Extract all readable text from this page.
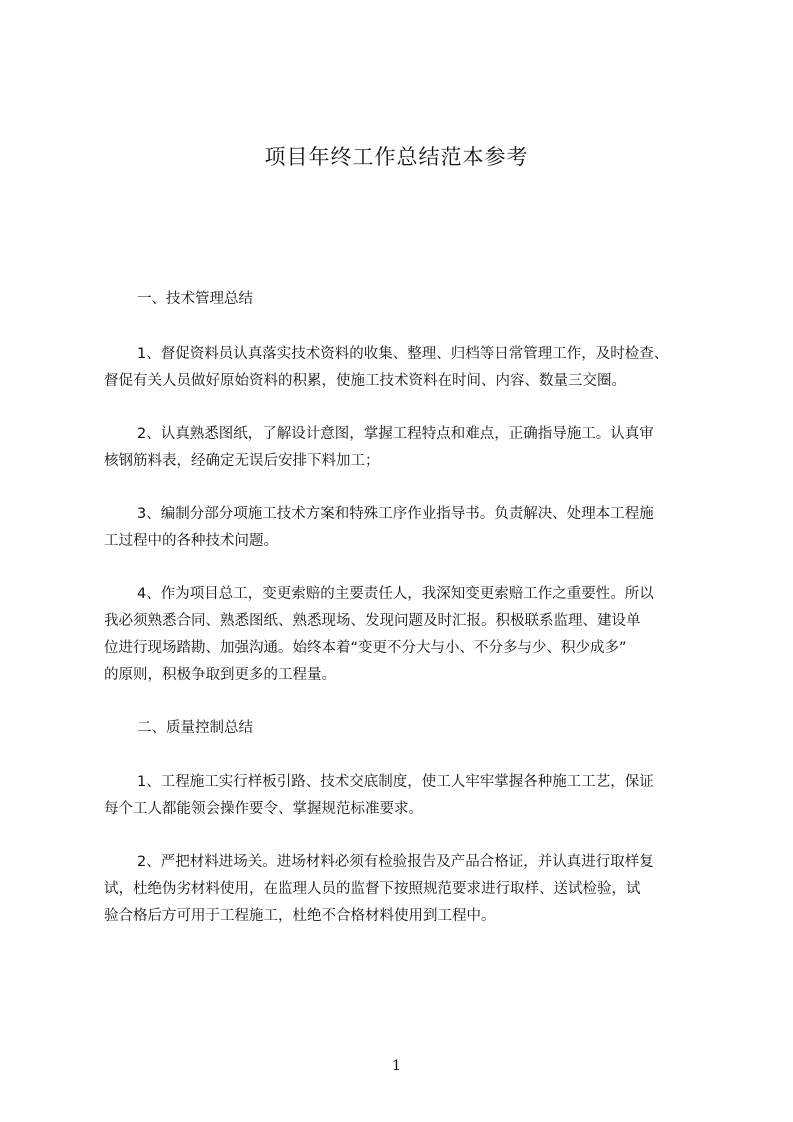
项目年终工作总结范本参考

一、技术管理总结

1、督促资料员认真落实技术资料的收集、整理、归档等日常管理工作，及时检查、

督促有关人员做好原始资料的积累，使施工技术资料在时间、内容、数量三交圈。

2、认真熟悉图纸，了解设计意图，掌握工程特点和难点，正确指导施工。认真审

核钢筋料表，经确定无误后安排下料加工；

3、编制分部分项施工技术方案和特殊工序作业指导书。负责解决、处理本工程施

工过程中的各种技术问题。

4、作为项目总工，变更索赔的主要责任人，我深知变更索赔工作之重要性。所以

我必须熟悉合同、熟悉图纸、熟悉现场、发现问题及时汇报。积极联系监理、建设单

位进行现场踏勘、加强沟通。始终本着“变更不分大与小、不分多与少、积少成多”

的原则，积极争取到更多的工程量。

二、质量控制总结

1、工程施工实行样板引路、技术交底制度，使工人牢牢掌握各种施工工艺，保证

每个工人都能领会操作要令、掌握规范标准要求。

2、严把材料进场关。进场材料必须有检验报告及产品合格证，并认真进行取样复

试，杜绝伪劣材料使用，在监理人员的监督下按照规范要求进行取样、送试检验，试

验合格后方可用于工程施工，杜绝不合格材料使用到工程中。

1
